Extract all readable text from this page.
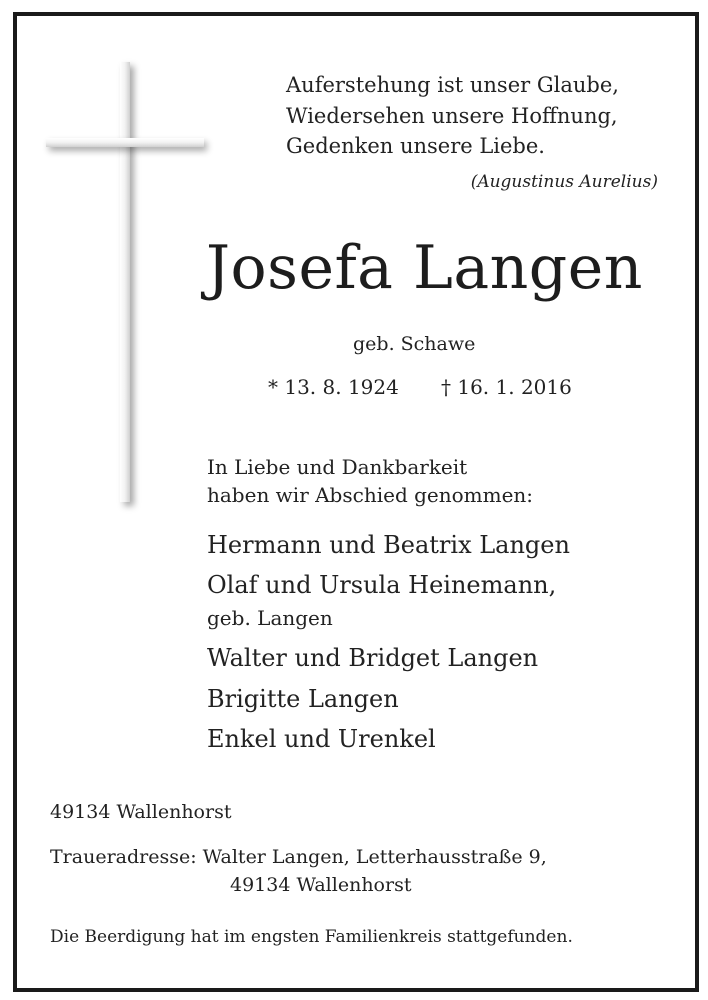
Auferstehung ist unser Glaube,
Wiedersehen unsere Hoffnung,
Gedenken unsere Liebe.
(Augustinus Aurelius)
Josefa Langen
geb. Schawe
* 13. 8. 1924 † 16. 1. 2016
In Liebe und Dankbarkeit
haben wir Abschied genommen:
Hermann und Beatrix Langen
Olaf und Ursula Heinemann,
geb. Langen
Walter und Bridget Langen
Brigitte Langen
Enkel und Urenkel
49134 Wallenhorst
Traueradresse: Walter Langen, Letterhausstraße 9,
49134 Wallenhorst
Die Beerdigung hat im engsten Familienkreis stattgefunden.
